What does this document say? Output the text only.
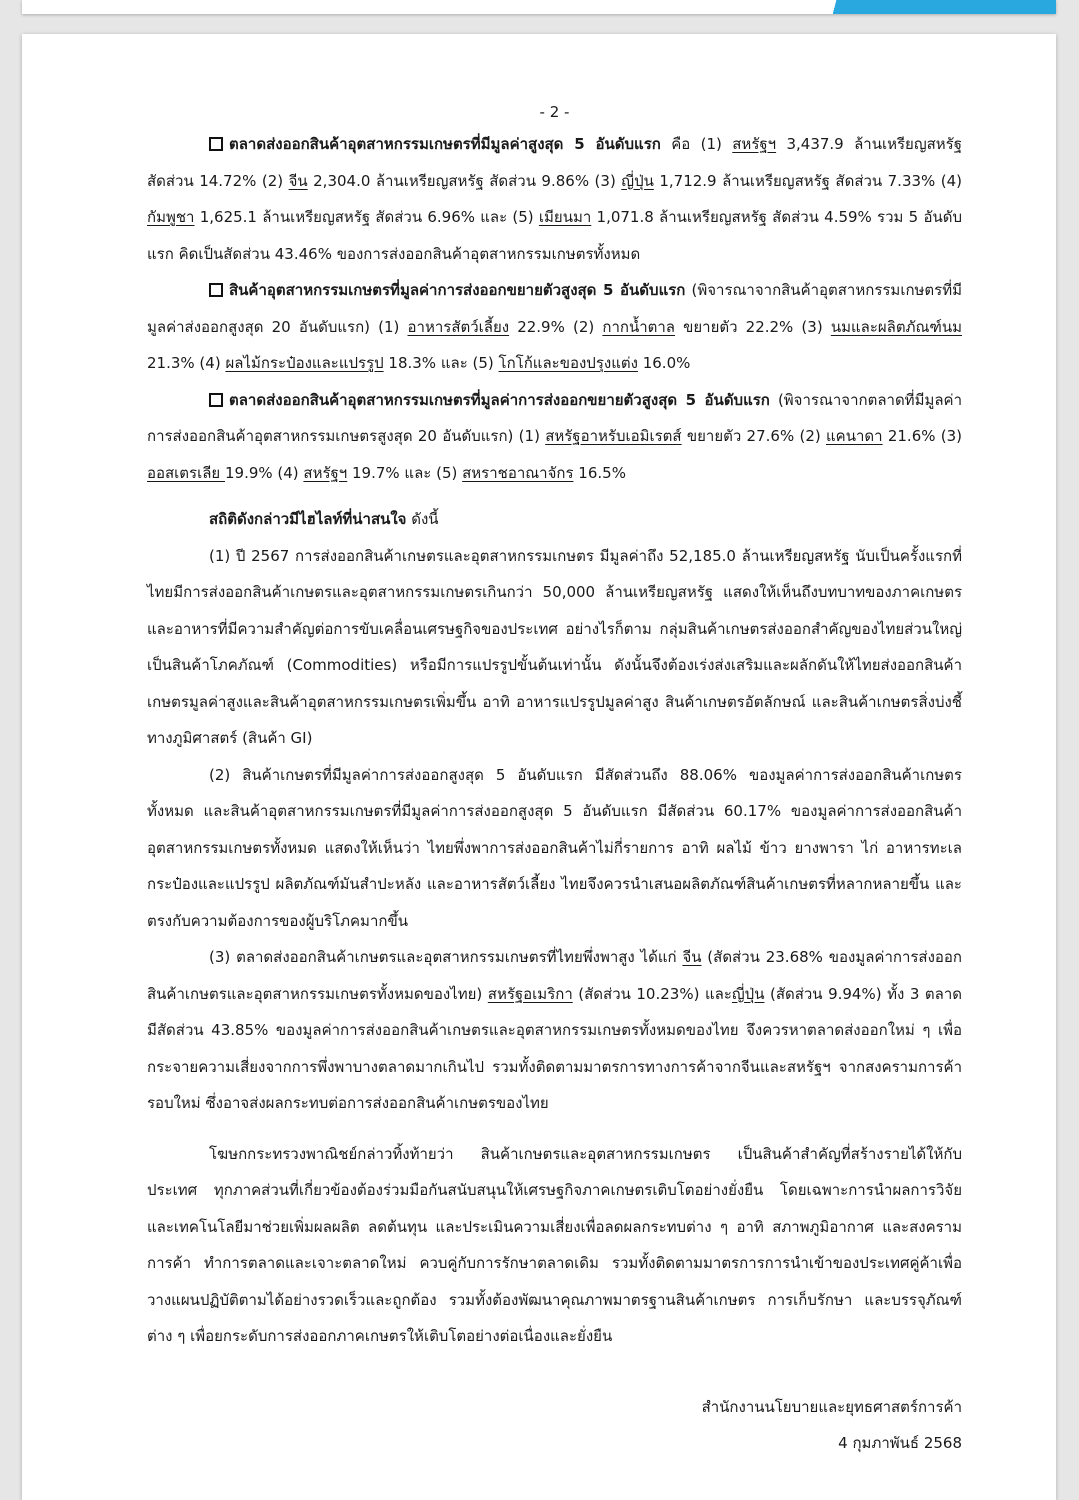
- 2 -

ตลาดส่งออกสินค้าอุตสาหกรรมเกษตรที่มีมูลค่าสูงสุด 5 อันดับแรก คือ (1) สหรัฐฯ 3,437.9 ล้านเหรียญสหรัฐ สัดส่วน 14.72% (2) จีน 2,304.0 ล้านเหรียญสหรัฐ สัดส่วน 9.86% (3) ญี่ปุ่น 1,712.9 ล้านเหรียญสหรัฐ สัดส่วน 7.33% (4) กัมพูชา 1,625.1 ล้านเหรียญสหรัฐ สัดส่วน 6.96% และ (5) เมียนมา 1,071.8 ล้านเหรียญสหรัฐ สัดส่วน 4.59% รวม 5 อันดับแรก คิดเป็นสัดส่วน 43.46% ของการส่งออกสินค้าอุตสาหกรรมเกษตรทั้งหมด

สินค้าอุตสาหกรรมเกษตรที่มูลค่าการส่งออกขยายตัวสูงสุด 5 อันดับแรก (พิจารณาจากสินค้าอุตสาหกรรมเกษตรที่มีมูลค่าส่งออกสูงสุด 20 อันดับแรก) (1) อาหารสัตว์เลี้ยง 22.9% (2) กากน้ำตาล ขยายตัว 22.2% (3) นมและผลิตภัณฑ์นม 21.3% (4) ผลไม้กระป๋องและแปรรูป 18.3% และ (5) โกโก้และของปรุงแต่ง 16.0%

ตลาดส่งออกสินค้าอุตสาหกรรมเกษตรที่มูลค่าการส่งออกขยายตัวสูงสุด 5 อันดับแรก (พิจารณาจากตลาดที่มีมูลค่าการส่งออกสินค้าอุตสาหกรรมเกษตรสูงสุด 20 อันดับแรก) (1) สหรัฐอาหรับเอมิเรตส์ ขยายตัว 27.6% (2) แคนาดา 21.6% (3) ออสเตรเลีย 19.9% (4) สหรัฐฯ 19.7% และ (5) สหราชอาณาจักร 16.5%

สถิติดังกล่าวมีไฮไลท์ที่น่าสนใจ ดังนี้

(1) ปี 2567 การส่งออกสินค้าเกษตรและอุตสาหกรรมเกษตร มีมูลค่าถึง 52,185.0 ล้านเหรียญสหรัฐ นับเป็นครั้งแรกที่ไทยมีการส่งออกสินค้าเกษตรและอุตสาหกรรมเกษตรเกินกว่า 50,000 ล้านเหรียญสหรัฐ แสดงให้เห็นถึงบทบาทของภาคเกษตรและอาหารที่มีความสำคัญต่อการขับเคลื่อนเศรษฐกิจของประเทศ อย่างไรก็ตาม กลุ่มสินค้าเกษตรส่งออกสำคัญของไทยส่วนใหญ่เป็นสินค้าโภคภัณฑ์ (Commodities) หรือมีการแปรรูปขั้นต้นเท่านั้น ดังนั้นจึงต้องเร่งส่งเสริมและผลักดันให้ไทยส่งออกสินค้าเกษตรมูลค่าสูงและสินค้าอุตสาหกรรมเกษตรเพิ่มขึ้น อาทิ อาหารแปรรูปมูลค่าสูง สินค้าเกษตรอัตลักษณ์ และสินค้าเกษตรสิ่งบ่งชี้ทางภูมิศาสตร์ (สินค้า GI)

(2) สินค้าเกษตรที่มีมูลค่าการส่งออกสูงสุด 5 อันดับแรก มีสัดส่วนถึง 88.06% ของมูลค่าการส่งออกสินค้าเกษตรทั้งหมด และสินค้าอุตสาหกรรมเกษตรที่มีมูลค่าการส่งออกสูงสุด 5 อันดับแรก มีสัดส่วน 60.17% ของมูลค่าการส่งออกสินค้าอุตสาหกรรมเกษตรทั้งหมด แสดงให้เห็นว่า ไทยพึ่งพาการส่งออกสินค้าไม่กี่รายการ อาทิ ผลไม้ ข้าว ยางพารา ไก่ อาหารทะเลกระป๋องและแปรรูป ผลิตภัณฑ์มันสำปะหลัง และอาหารสัตว์เลี้ยง ไทยจึงควรนำเสนอผลิตภัณฑ์สินค้าเกษตรที่หลากหลายขึ้น และตรงกับความต้องการของผู้บริโภคมากขึ้น

(3) ตลาดส่งออกสินค้าเกษตรและอุตสาหกรรมเกษตรที่ไทยพึ่งพาสูง ได้แก่ จีน (สัดส่วน 23.68% ของมูลค่าการส่งออกสินค้าเกษตรและอุตสาหกรรมเกษตรทั้งหมดของไทย) สหรัฐอเมริกา (สัดส่วน 10.23%) และญี่ปุ่น (สัดส่วน 9.94%) ทั้ง 3 ตลาดมีสัดส่วน 43.85% ของมูลค่าการส่งออกสินค้าเกษตรและอุตสาหกรรมเกษตรทั้งหมดของไทย จึงควรหาตลาดส่งออกใหม่ ๆ เพื่อกระจายความเสี่ยงจากการพึ่งพาบางตลาดมากเกินไป รวมทั้งติดตามมาตรการทางการค้าจากจีนและสหรัฐฯ จากสงครามการค้ารอบใหม่ ซึ่งอาจส่งผลกระทบต่อการส่งออกสินค้าเกษตรของไทย

โฆษกกระทรวงพาณิชย์กล่าวทิ้งท้ายว่า สินค้าเกษตรและอุตสาหกรรมเกษตร เป็นสินค้าสำคัญที่สร้างรายได้ให้กับประเทศ ทุกภาคส่วนที่เกี่ยวข้องต้องร่วมมือกันสนับสนุนให้เศรษฐกิจภาคเกษตรเติบโตอย่างยั่งยืน โดยเฉพาะการนำผลการวิจัยและเทคโนโลยีมาช่วยเพิ่มผลผลิต ลดต้นทุน และประเมินความเสี่ยงเพื่อลดผลกระทบต่าง ๆ อาทิ สภาพภูมิอากาศ และสงครามการค้า ทำการตลาดและเจาะตลาดใหม่ ควบคู่กับการรักษาตลาดเดิม รวมทั้งติดตามมาตรการการนำเข้าของประเทศคู่ค้าเพื่อวางแผนปฏิบัติตามได้อย่างรวดเร็วและถูกต้อง รวมทั้งต้องพัฒนาคุณภาพมาตรฐานสินค้าเกษตร การเก็บรักษา และบรรจุภัณฑ์ต่าง ๆ เพื่อยกระดับการส่งออกภาคเกษตรให้เติบโตอย่างต่อเนื่องและยั่งยืน

สำนักงานนโยบายและยุทธศาสตร์การค้า
4 กุมภาพันธ์ 2568
